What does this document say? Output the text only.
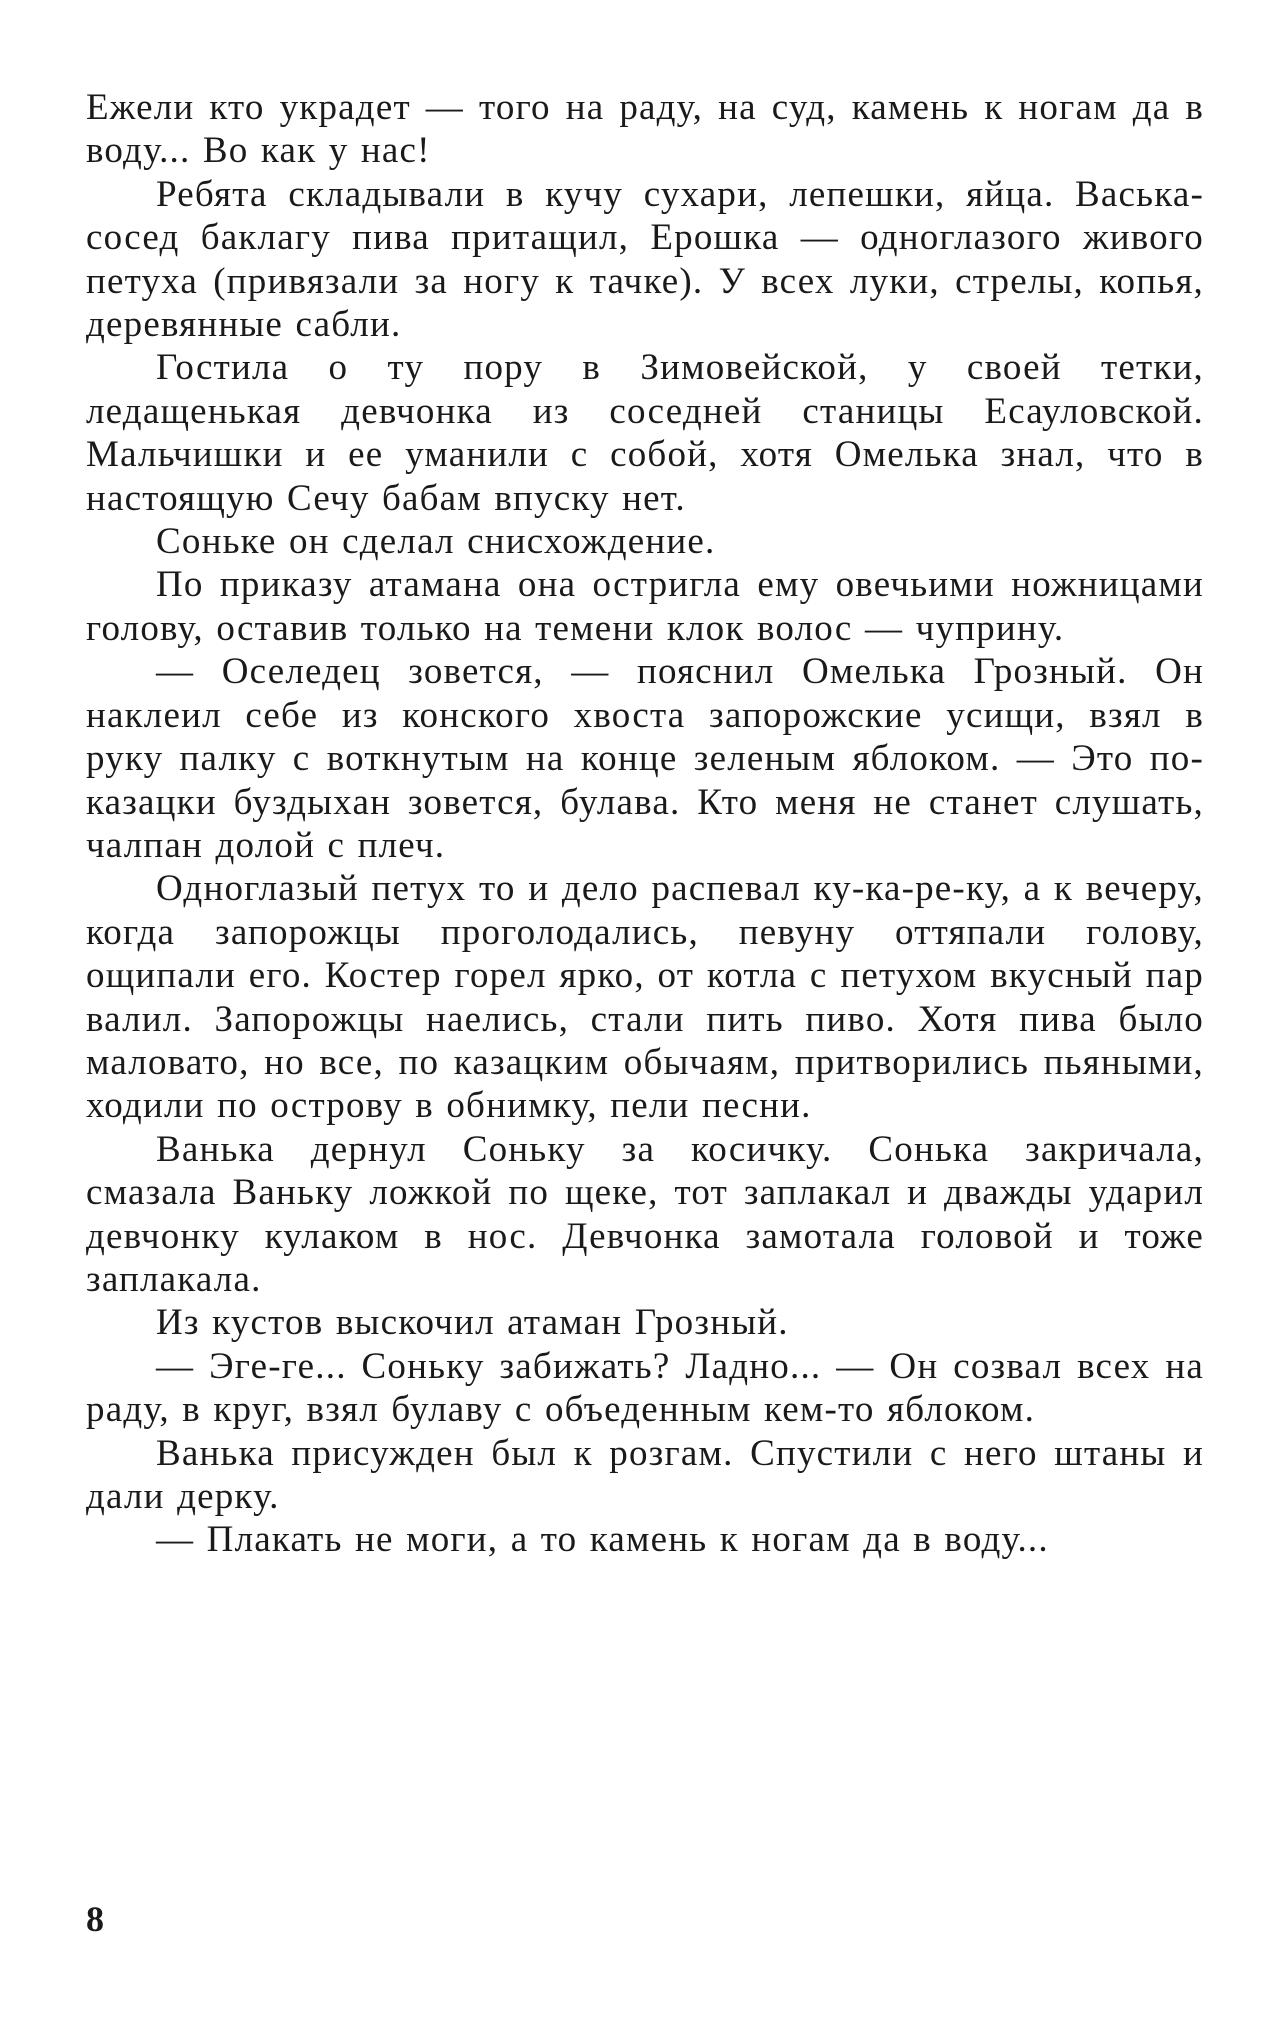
Ежели кто украдет — того на раду, на суд, камень к ногам да в воду... Во как у нас!

Ребята складывали в кучу сухари, лепешки, яйца. Васька-сосед баклагу пива притащил, Ерошка — одноглазого живого петуха (привязали за ногу к тачке). У всех луки, стрелы, копья, деревянные сабли.

Гостила о ту пору в Зимовейской, у своей тетки, ледащенькая девчонка из соседней станицы Есауловской. Мальчишки и ее уманили с собой, хотя Омелька знал, что в настоящую Сечу бабам впуску нет.

Соньке он сделал снисхождение.

По приказу атамана она остригла ему овечьими ножницами голову, оставив только на темени клок волос — чуприну.

— Оселедец зовется, — пояснил Омелька Грозный. Он наклеил себе из конского хвоста запорожские усищи, взял в руку палку с воткнутым на конце зеленым яблоком. — Это по-казацки буздыхан зовется, булава. Кто меня не станет слушать, чалпан долой с плеч.

Одноглазый петух то и дело распевал ку-ка-ре-ку, а к вечеру, когда запорожцы проголодались, певуну оттяпали голову, ощипали его. Костер горел ярко, от котла с петухом вкусный пар валил. Запорожцы наелись, стали пить пиво. Хотя пива было маловато, но все, по казацким обычаям, притворились пьяными, ходили по острову в обнимку, пели песни.

Ванька дернул Соньку за косичку. Сонька закричала, смазала Ваньку ложкой по щеке, тот заплакал и дважды ударил девчонку кулаком в нос. Девчонка замотала головой и тоже заплакала.

Из кустов выскочил атаман Грозный.

— Эге-ге... Соньку забижать? Ладно... — Он созвал всех на раду, в круг, взял булаву с объеденным кем-то яблоком.

Ванька присужден был к розгам. Спустили с него штаны и дали дерку.

— Плакать не моги, а то камень к ногам да в воду...

8
